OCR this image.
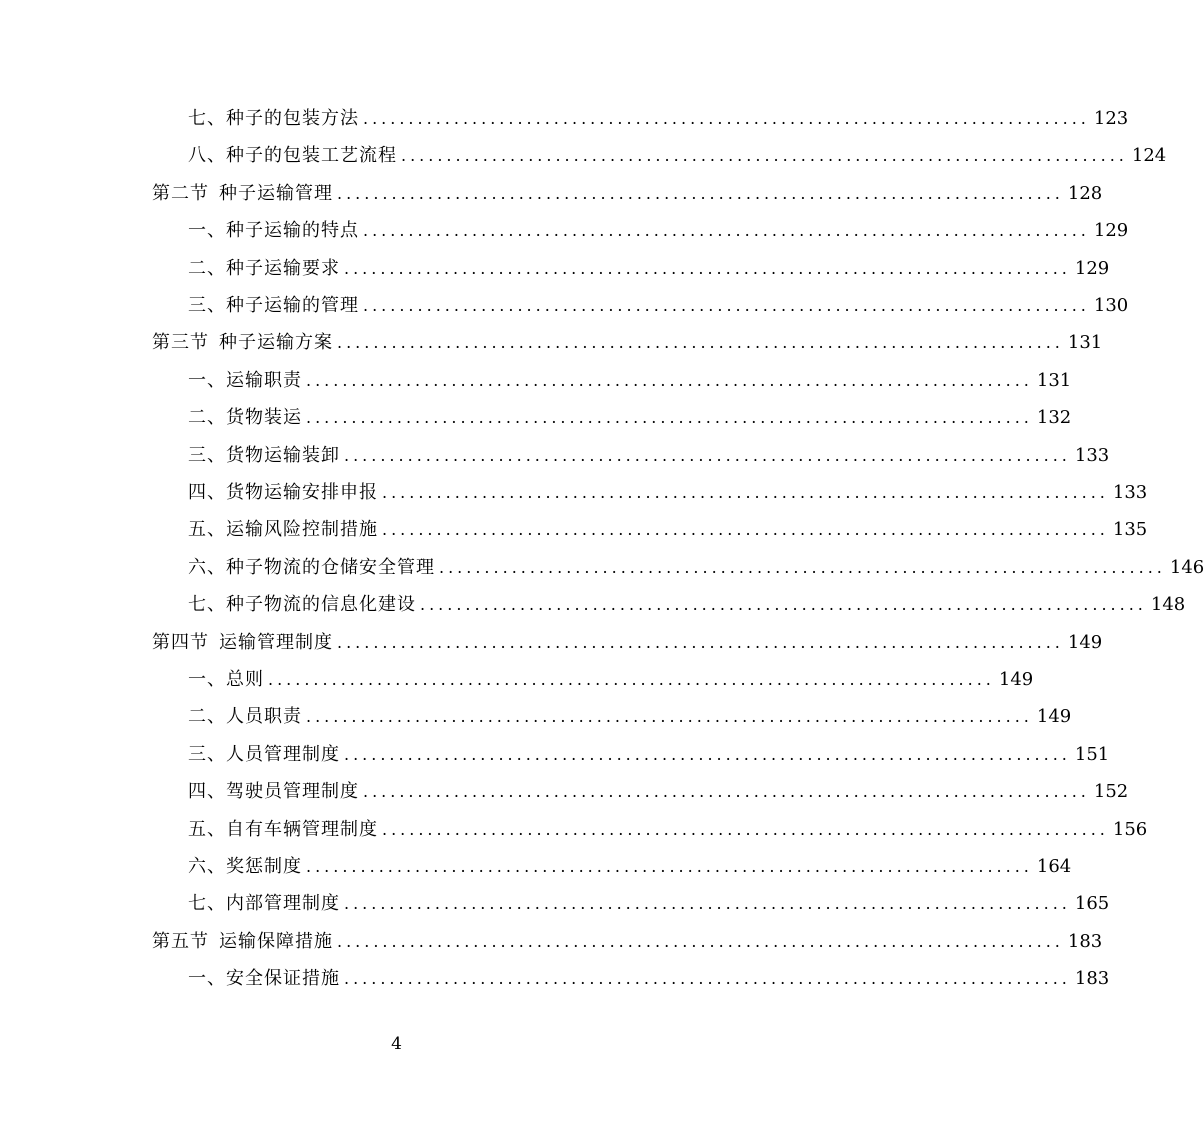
七、种子的包装方法 ................................................................................ 123
八、种子的包装工艺流程 ................................................................................ 124
第二节 种子运输管理 ................................................................................ 128
一、种子运输的特点 ................................................................................ 129
二、种子运输要求 ................................................................................ 129
三、种子运输的管理 ................................................................................ 130
第三节 种子运输方案 ................................................................................ 131
一、运输职责 ................................................................................ 131
二、货物装运 ................................................................................ 132
三、货物运输装卸 ................................................................................ 133
四、货物运输安排申报 ................................................................................ 133
五、运输风险控制措施 ................................................................................ 135
六、种子物流的仓储安全管理 ................................................................................ 146
七、种子物流的信息化建设 ................................................................................ 148
第四节 运输管理制度 ................................................................................ 149
一、总则 ................................................................................ 149
二、人员职责 ................................................................................ 149
三、人员管理制度 ................................................................................ 151
四、驾驶员管理制度 ................................................................................ 152
五、自有车辆管理制度 ................................................................................ 156
六、奖惩制度 ................................................................................ 164
七、内部管理制度 ................................................................................ 165
第五节 运输保障措施 ................................................................................ 183
一、安全保证措施 ................................................................................ 183
4
